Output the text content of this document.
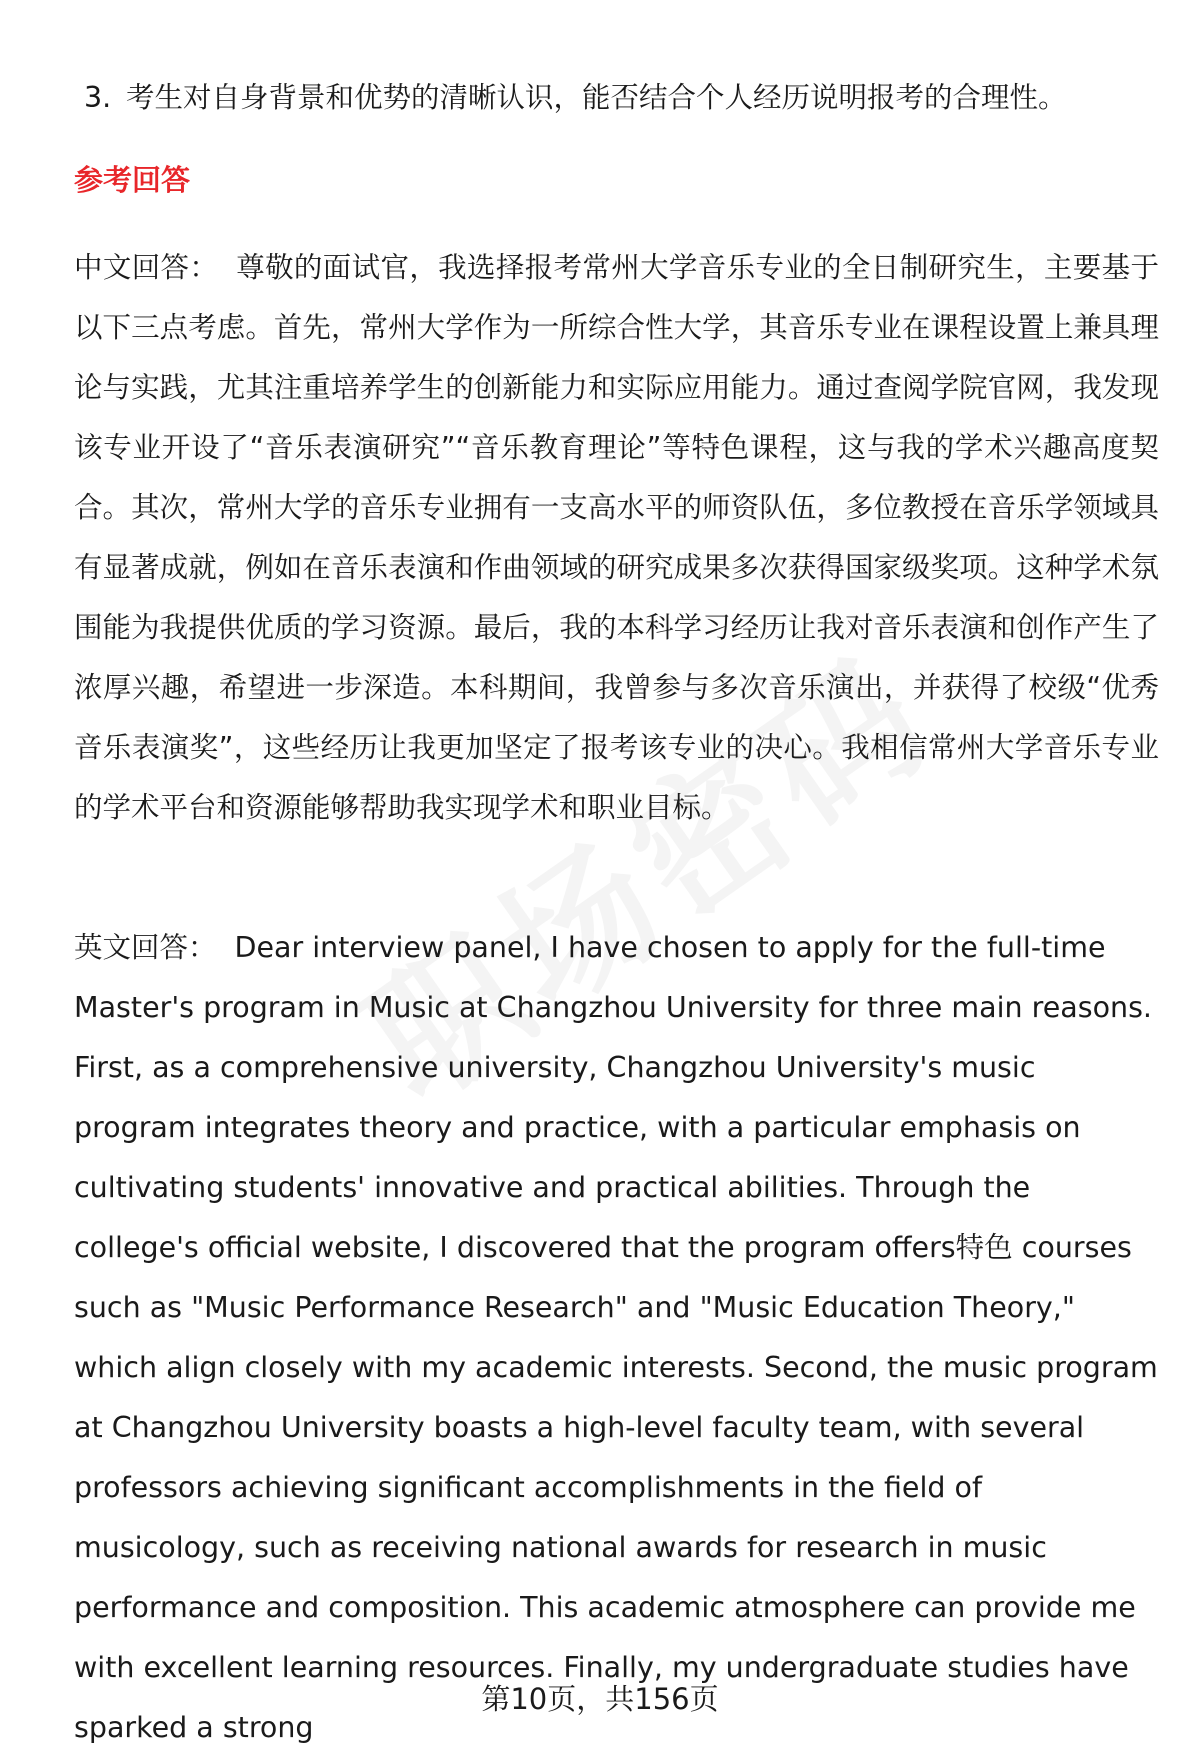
3. 考生对自身背景和优势的清晰认识，能否结合个人经历说明报考的合理性。
参考回答
中文回答： 尊敬的面试官，我选择报考常州大学音乐专业的全日制研究生，主要基于以下三点考虑。首先，常州大学作为一所综合性大学，其音乐专业在课程设置上兼具理论与实践，尤其注重培养学生的创新能力和实际应用能力。通过查阅学院官网，我发现该专业开设了“音乐表演研究”“音乐教育理论”等特色课程，这与我的学术兴趣高度契合。其次，常州大学的音乐专业拥有一支高水平的师资队伍，多位教授在音乐学领域具有显著成就，例如在音乐表演和作曲领域的研究成果多次获得国家级奖项。这种学术氛围能为我提供优质的学习资源。最后，我的本科学习经历让我对音乐表演和创作产生了浓厚兴趣，希望进一步深造。本科期间，我曾参与多次音乐演出，并获得了校级“优秀音乐表演奖”，这些经历让我更加坚定了报考该专业的决心。我相信常州大学音乐专业的学术平台和资源能够帮助我实现学术和职业目标。
英文回答： Dear interview panel, I have chosen to apply for the full-time Master's program in Music at Changzhou University for three main reasons. First, as a comprehensive university, Changzhou University's music program integrates theory and practice, with a particular emphasis on cultivating students' innovative and practical abilities. Through the college's official website, I discovered that the program offers特色 courses such as "Music Performance Research" and "Music Education Theory," which align closely with my academic interests. Second, the music program at Changzhou University boasts a high-level faculty team, with several professors achieving significant accomplishments in the field of musicology, such as receiving national awards for research in music performance and composition. This academic atmosphere can provide me with excellent learning resources. Finally, my undergraduate studies have sparked a strong
第10页，共156页
